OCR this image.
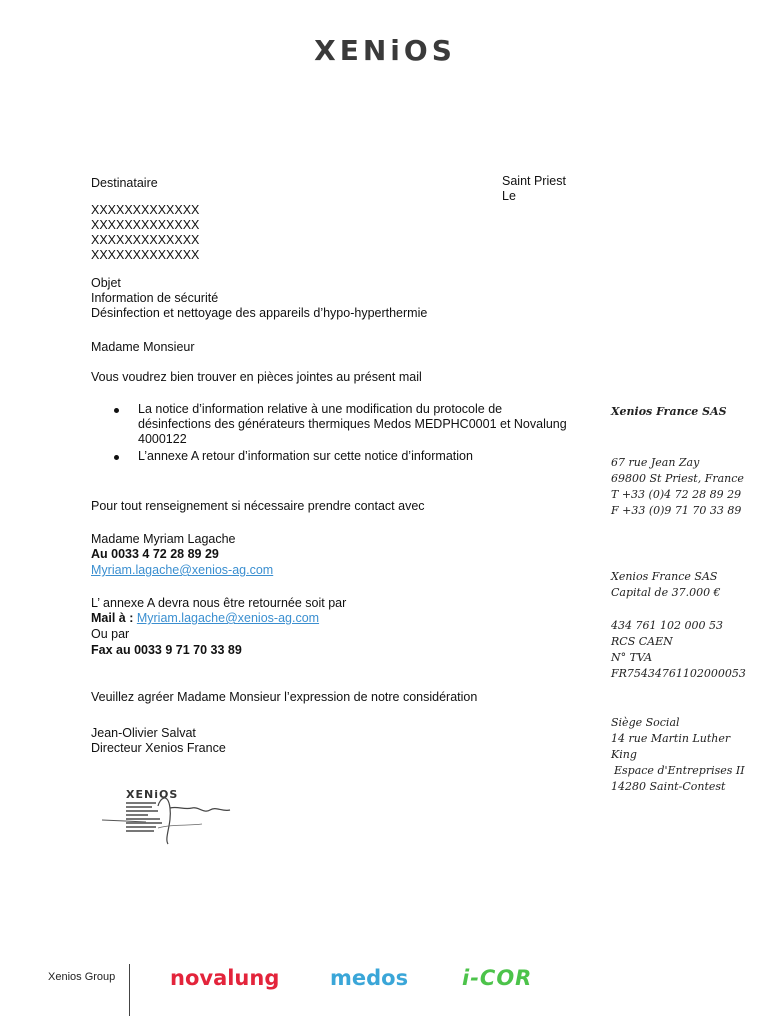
XENiOS
Destinataire
XXXXXXXXXXXXX
XXXXXXXXXXXXX
XXXXXXXXXXXXX
XXXXXXXXXXXXX
Saint Priest
Le
Objet
Information de sécurité
Désinfection et nettoyage des appareils d’hypo-hyperthermie
Madame Monsieur
Vous voudrez bien trouver en pièces jointes au présent mail
La notice d’information relative à une modification du protocole de désinfections des générateurs thermiques Medos MEDPHC0001 et Novalung 4000122
L’annexe A retour d’information sur cette notice d’information
Pour tout renseignement si nécessaire prendre contact avec
Madame Myriam Lagache
Au 0033 4 72 28 89 29
Myriam.lagache@xenios-ag.com
L’ annexe A devra nous être retournée soit par
Mail à : Myriam.lagache@xenios-ag.com
Ou par
Fax au 0033 9 71 70 33 89
Veuillez agréer Madame Monsieur l’expression de notre considération
Jean-Olivier Salvat
Directeur Xenios France
XENiOS
Xenios France SAS
67 rue Jean Zay
69800 St Priest, France
T +33 (0)4 72 28 89 29
F +33 (0)9 71 70 33 89
Xenios France SAS
Capital de 37.000 €
434 761 102 000 53
RCS CAEN
N° TVA
FR75434761102000053
Siège Social
14 rue Martin Luther
King
Espace d'Entreprises II
14280 Saint-Contest
Xenios Group	novalung medos	i-COR
